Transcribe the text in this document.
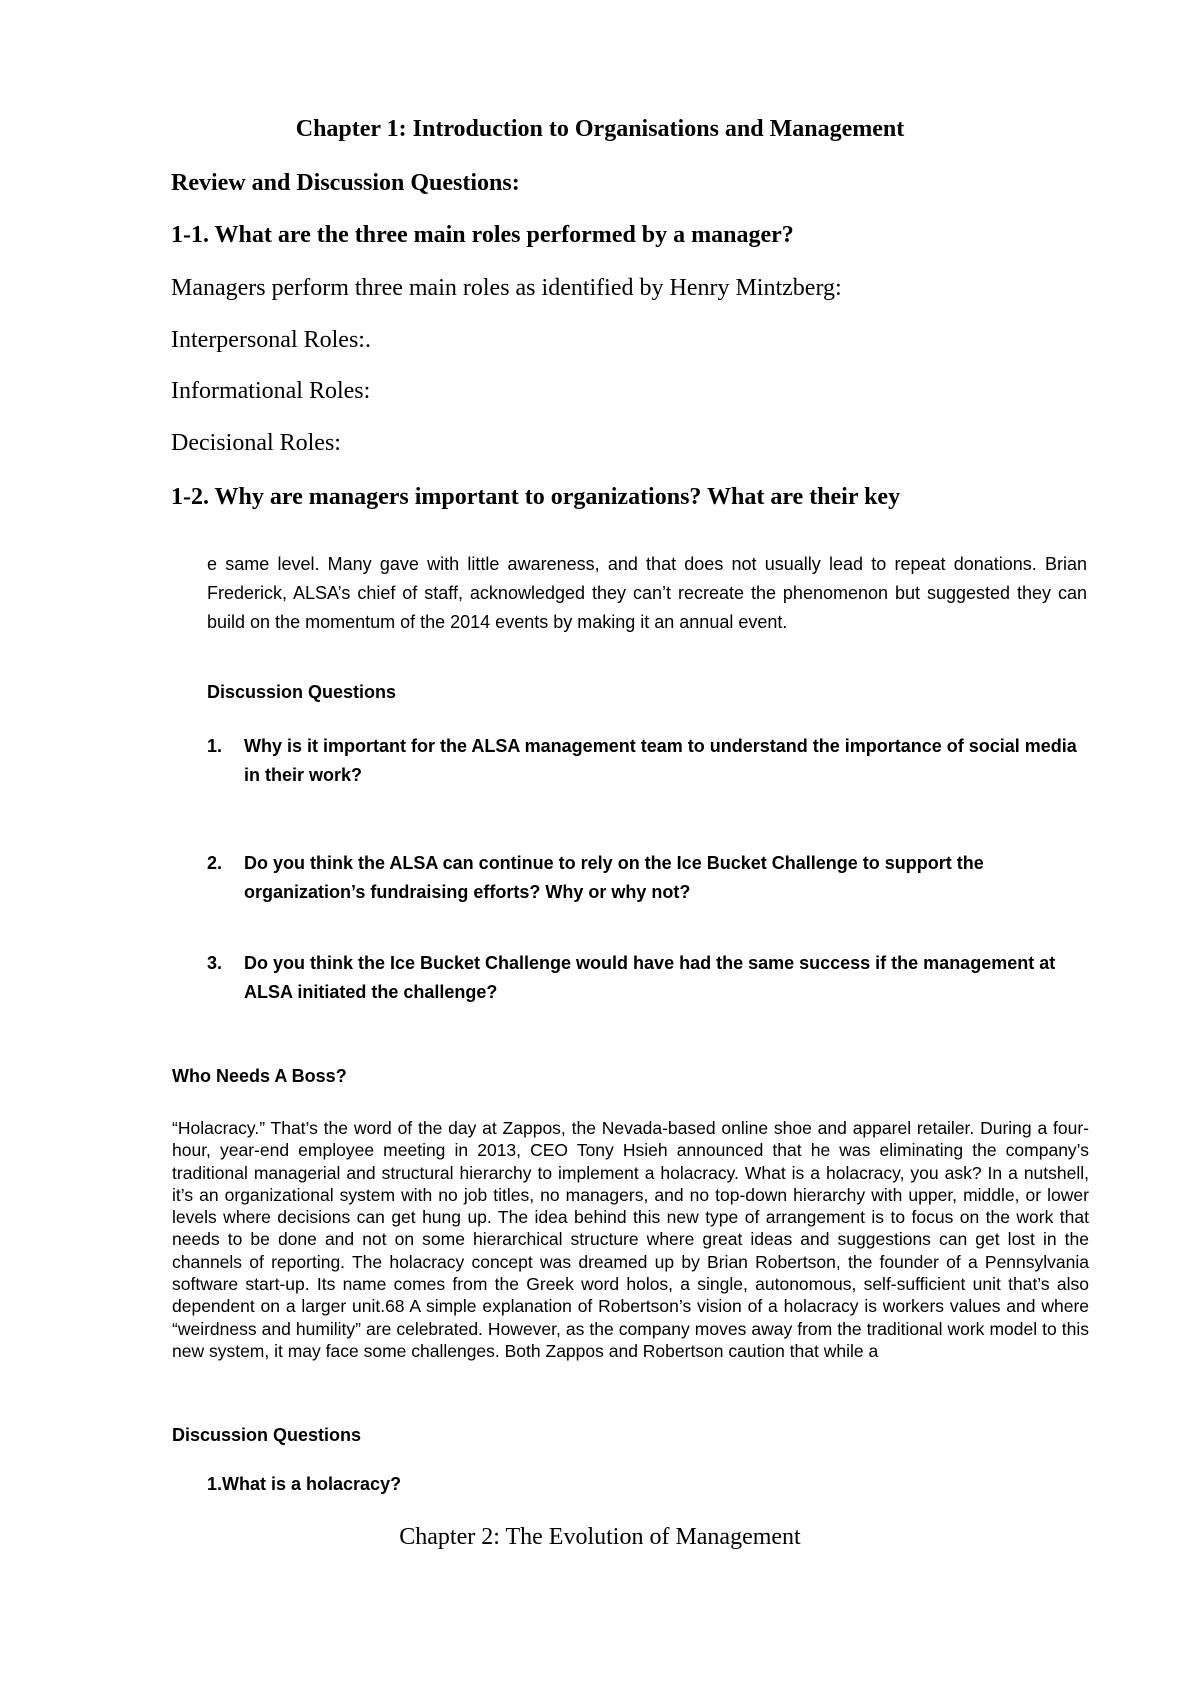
Chapter 1: Introduction to Organisations and Management

Review and Discussion Questions:

1-1. What are the three main roles performed by a manager?

Managers perform three main roles as identified by Henry Mintzberg:

Interpersonal Roles:.

Informational Roles:

Decisional Roles:

1-2. Why are managers important to organizations? What are their key

e same level. Many gave with little awareness, and that does not usually lead to repeat donations. Brian Frederick, ALSA’s chief of staff, acknowledged they can’t recreate the phenomenon but suggested they can build on the momentum of the 2014 events by making it an annual event.

Discussion Questions

1.	Why is it important for the ALSA management team to understand the importance of social media in their work?
2.	Do you think the ALSA can continue to rely on the Ice Bucket Challenge to support the organization’s fundraising efforts? Why or why not?
3.	Do you think the Ice Bucket Challenge would have had the same success if the management at ALSA initiated the challenge?

Who Needs A Boss?

“Holacracy.” That’s the word of the day at Zappos, the Nevada-based online shoe and apparel retailer. During a four-hour, year-end employee meeting in 2013, CEO Tony Hsieh announced that he was eliminating the company’s traditional managerial and structural hierarchy to implement a holacracy. What is a holacracy, you ask? In a nutshell, it’s an organizational system with no job titles, no managers, and no top-down hierarchy with upper, middle, or lower levels where decisions can get hung up. The idea behind this new type of arrangement is to focus on the work that needs to be done and not on some hierarchical structure where great ideas and suggestions can get lost in the channels of reporting. The holacracy concept was dreamed up by Brian Robertson, the founder of a Pennsylvania software start-up. Its name comes from the Greek word holos, a single, autonomous, self-sufficient unit that’s also dependent on a larger unit.68 A simple explanation of Robertson’s vision of a holacracy is workers values and where “weirdness and humility” are celebrated. However, as the company moves away from the traditional work model to this new system, it may face some challenges. Both Zappos and Robertson caution that while a

Discussion Questions

1.What is a holacracy?

Chapter 2: The Evolution of Management
